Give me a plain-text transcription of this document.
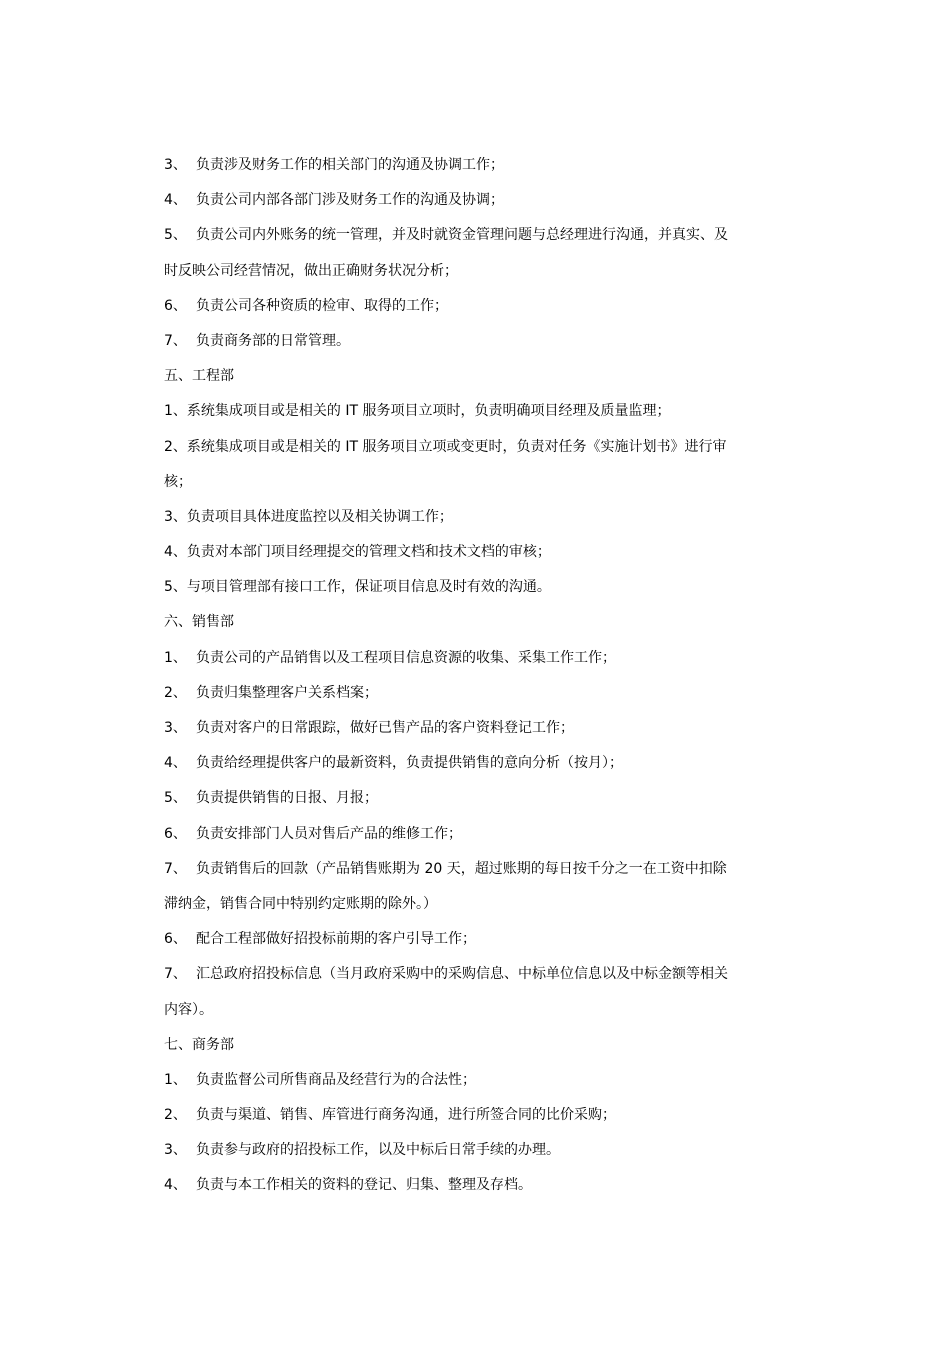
3、 负责涉及财务工作的相关部门的沟通及协调工作；
4、 负责公司内部各部门涉及财务工作的沟通及协调；
5、 负责公司内外账务的统一管理，并及时就资金管理问题与总经理进行沟通，并真实、及
时反映公司经营情况，做出正确财务状况分析；
6、 负责公司各种资质的检审、取得的工作；
7、 负责商务部的日常管理。
五、工程部
1、系统集成项目或是相关的 IT 服务项目立项时，负责明确项目经理及质量监理；
2、系统集成项目或是相关的 IT 服务项目立项或变更时，负责对任务《实施计划书》进行审
核；
3、负责项目具体进度监控以及相关协调工作；
4、负责对本部门项目经理提交的管理文档和技术文档的审核；
5、与项目管理部有接口工作，保证项目信息及时有效的沟通。
六、销售部
1、 负责公司的产品销售以及工程项目信息资源的收集、采集工作工作；
2、 负责归集整理客户关系档案；
3、 负责对客户的日常跟踪，做好已售产品的客户资料登记工作；
4、 负责给经理提供客户的最新资料，负责提供销售的意向分析（按月）；
5、 负责提供销售的日报、月报；
6、 负责安排部门人员对售后产品的维修工作；
7、 负责销售后的回款（产品销售账期为 20 天，超过账期的每日按千分之一在工资中扣除
滞纳金，销售合同中特别约定账期的除外。）
6、 配合工程部做好招投标前期的客户引导工作；
7、 汇总政府招投标信息（当月政府采购中的采购信息、中标单位信息以及中标金额等相关
内容）。
七、商务部
1、 负责监督公司所售商品及经营行为的合法性；
2、 负责与渠道、销售、库管进行商务沟通，进行所签合同的比价采购；
3、 负责参与政府的招投标工作，以及中标后日常手续的办理。
4、 负责与本工作相关的资料的登记、归集、整理及存档。
